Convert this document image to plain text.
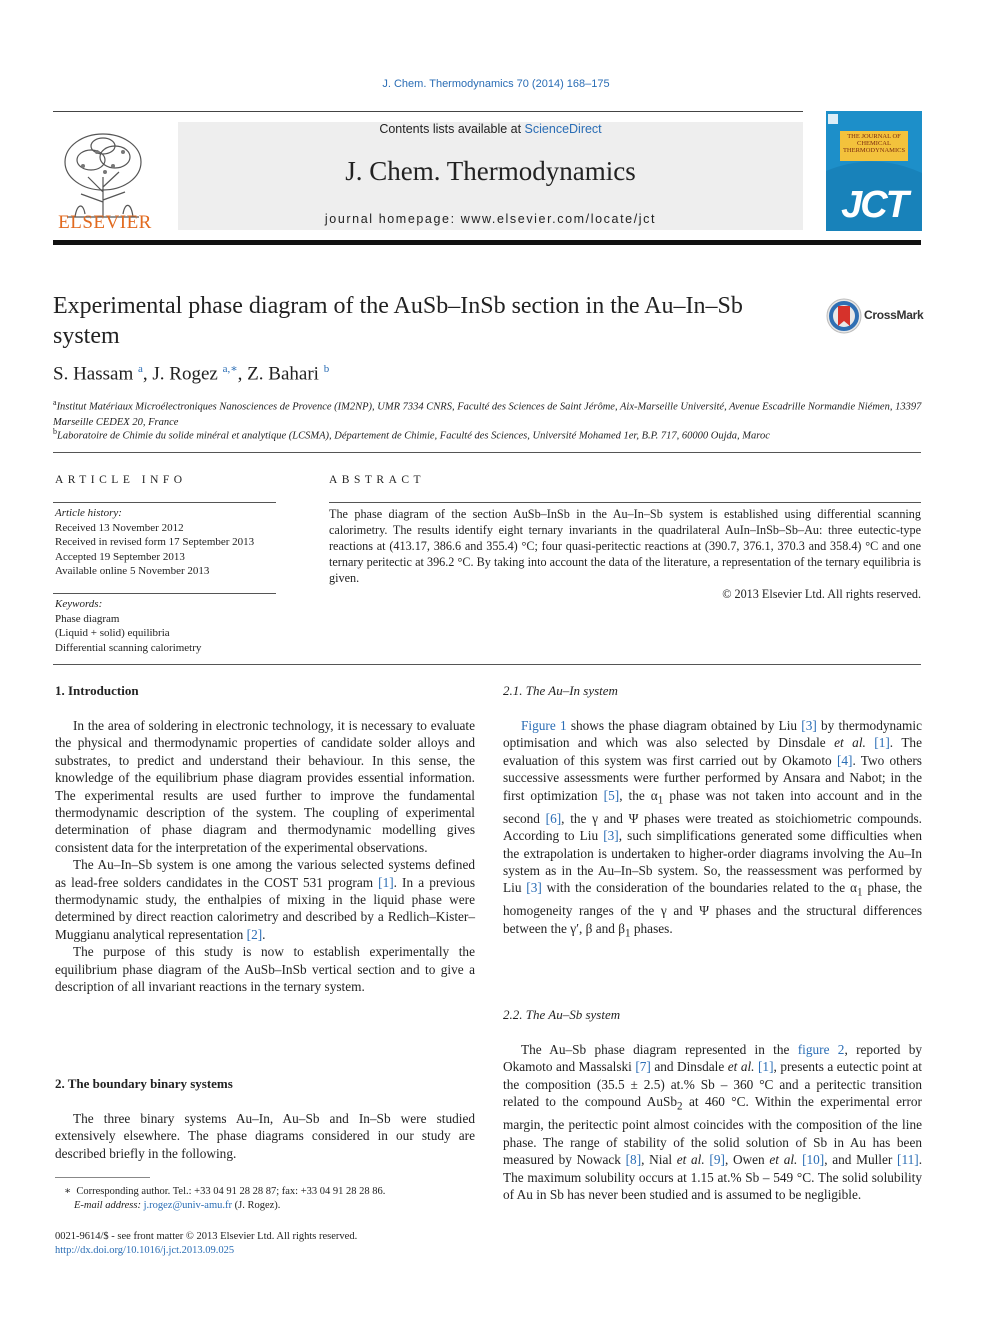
J. Chem. Thermodynamics 70 (2014) 168–175
ELSEVIER
Contents lists available at ScienceDirect
J. Chem. Thermodynamics
journal homepage: www.elsevier.com/locate/jct
THE JOURNAL OF CHEMICAL THERMODYNAMICS
JCT
Experimental phase diagram of the AuSb–InSb section in the Au–In–Sb system
CrossMark
S. Hassam $^a$, J. Rogez $^{a,∗}$, Z. Bahari $^b$
$^a$Institut Matériaux Microélectroniques Nanosciences de Provence (IM2NP), UMR 7334 CNRS, Faculté des Sciences de Saint Jérôme, Aix-Marseille Université, Avenue Escadrille Normandie Niémen, 13397 Marseille CEDEX 20, France
$^b$Laboratoire de Chimie du solide minéral et analytique (LCSMA), Département de Chimie, Faculté des Sciences, Université Mohamed 1er, B.P. 717, 60000 Oujda, Maroc
ARTICLE INFO
Article history:
Received 13 November 2012
Received in revised form 17 September 2013
Accepted 19 September 2013
Available online 5 November 2013
Keywords:
Phase diagram
(Liquid + solid) equilibria
Differential scanning calorimetry
ABSTRACT
The phase diagram of the section AuSb–InSb in the Au–In–Sb system is established using differential scanning calorimetry. The results identify eight ternary invariants in the quadrilateral AuIn–InSb–Sb–Au: three eutectic-type reactions at (413.17, 386.6 and 355.4) °C; four quasi-peritectic reactions at (390.7, 376.1, 370.3 and 358.4) °C and one ternary peritectic at 396.2 °C. By taking into account the data of the literature, a representation of the ternary equilibria is given.
© 2013 Elsevier Ltd. All rights reserved.
1. Introduction

In the area of soldering in electronic technology, it is necessary to evaluate the physical and thermodynamic properties of candidate solder alloys and substrates, to predict and understand their behaviour. In this sense, the knowledge of the equilibrium phase diagram provides essential information. The experimental results are used further to improve the fundamental thermodynamic description of the system. The coupling of experimental determination of phase diagram and thermodynamic modelling gives consistent data for the interpretation of the experimental observations.

The Au–In–Sb system is one among the various selected systems defined as lead-free solders candidates in the COST 531 program [1]. In a previous thermodynamic study, the enthalpies of mixing in the liquid phase were determined by direct reaction calorimetry and described by a Redlich–Kister–Muggianu analytical representation [2].

The purpose of this study is now to establish experimentally the equilibrium phase diagram of the AuSb–InSb vertical section and to give a description of all invariant reactions in the ternary system.

2. The boundary binary systems

The three binary systems Au–In, Au–Sb and In–Sb were studied extensively elsewhere. The phase diagrams considered in our study are described briefly in the following.

∗ Corresponding author. Tel.: +33 04 91 28 28 87; fax: +33 04 91 28 28 86.
E-mail address: j.rogez@univ-amu.fr (J. Rogez).
0021-9614/$ - see front matter © 2013 Elsevier Ltd. All rights reserved.
http://dx.doi.org/10.1016/j.jct.2013.09.025
2.1. The Au–In system

Figure 1 shows the phase diagram obtained by Liu [3] by thermodynamic optimisation and which was also selected by Dinsdale et al. [1]. The evaluation of this system was first carried out by Okamoto [4]. Two others successive assessments were further performed by Ansara and Nabot; in the first optimization [5], the $\alpha_1$ phase was not taken into account and in the second [6], the γ and Ψ phases were treated as stoichiometric compounds. According to Liu [3], such simplifications generated some difficulties when the extrapolation is undertaken to higher-order diagrams involving the Au–In system as in the Au–In–Sb system. So, the reassessment was performed by Liu [3] with the consideration of the boundaries related to the $\alpha_1$ phase, the homogeneity ranges of the γ and Ψ phases and the structural differences between the γ′, β and $\beta_1$ phases.

2.2. The Au–Sb system

The Au–Sb phase diagram represented in the figure 2, reported by Okamoto and Massalski [7] and Dinsdale et al. [1], presents a eutectic point at the composition (35.5 ± 2.5) at.% Sb – 360 °C and a peritectic transition related to the compound AuSb$_2$ at 460 °C. Within the experimental error margin, the peritectic point almost coincides with the composition of the line phase. The range of stability of the solid solution of Sb in Au has been measured by Nowack [8], Nial et al. [9], Owen et al. [10], and Muller [11]. The maximum solubility occurs at 1.15 at.% Sb – 549 °C. The solid solubility of Au in Sb has never been studied and is assumed to be negligible.
